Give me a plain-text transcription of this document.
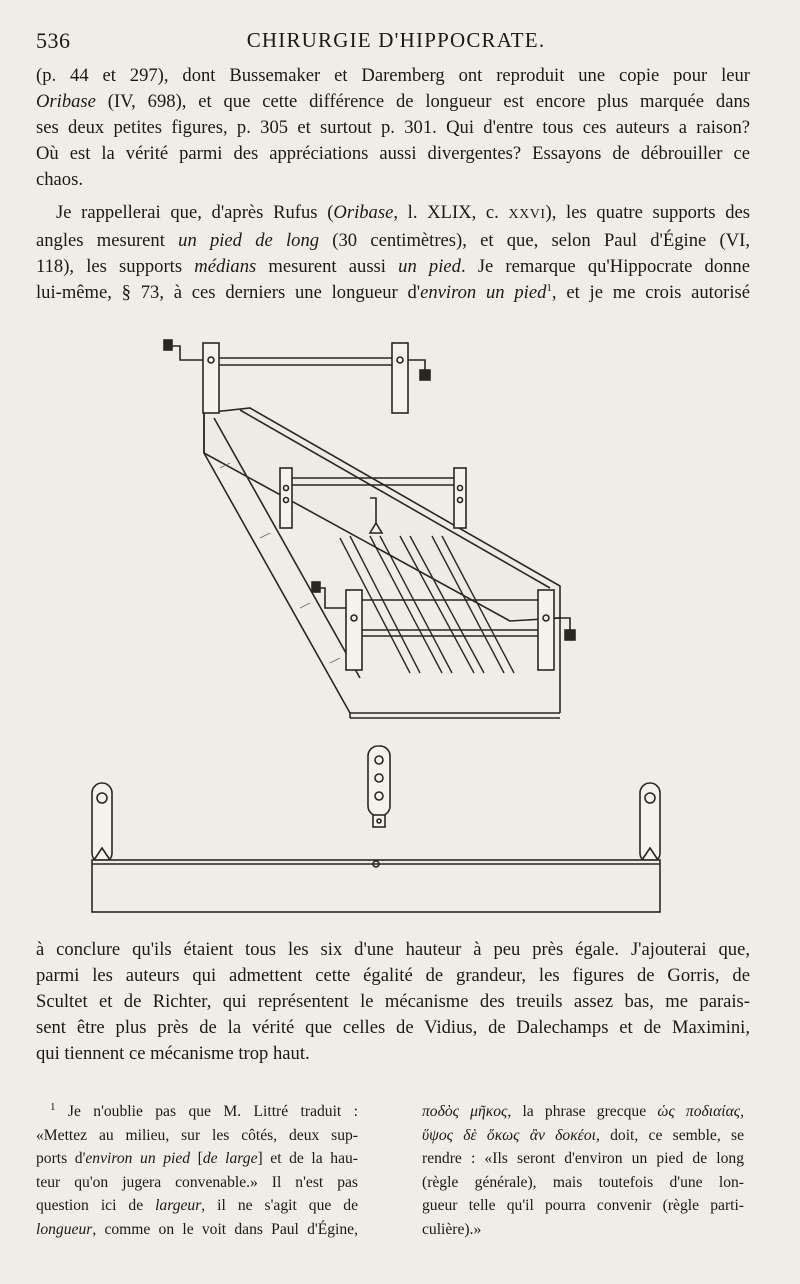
536	CHIRURGIE D'HIPPOCRATE.

(p. 44 et 297), dont Bussemaker et Daremberg ont reproduit une copie pour leur
Oribase (IV, 698), et que cette différence de longueur est encore plus marquée dans
ses deux petites figures, p. 305 et surtout p. 301. Qui d'entre tous ces auteurs a raison?
Où est la vérité parmi des appréciations aussi divergentes? Essayons de débrouiller ce
chaos.

Je rappellerai que, d'après Rufus (Oribase, l. XLIX, c. XXVI), les quatre supports des
angles mesurent un pied de long (30 centimètres), et que, selon Paul d'Égine (VI,
118), les supports médians mesurent aussi un pied. Je remarque qu'Hippocrate donne
lui-même, § 73, à ces derniers une longueur d'environ un pied$^1$, et je me crois autorisé

à conclure qu'ils étaient tous les six d'une hauteur à peu près égale. J'ajouterai que,
parmi les auteurs qui admettent cette égalité de grandeur, les figures de Gorris, de
Scultet et de Richter, qui représentent le mécanisme des treuils assez bas, me parais-
sent être plus près de la vérité que celles de Vidius, de Dalechamps et de Maximini,
qui tiennent ce mécanisme trop haut.

$^1$ Je n'oublie pas que M. Littré traduit :
«Mettez au milieu, sur les côtés, deux sup-
ports d'environ un pied [de large] et de la hau-
teur qu'on jugera convenable.» Il n'est pas
question ici de largeur, il ne s'agit que de
longueur, comme on le voit dans Paul d'Égine,

ποδὸς μῆκος, la phrase grecque ὡς ποδιαίας,
ὕψος δὲ ὅκως ἂν δοκέοι, doit, ce semble, se
rendre : «Ils seront d'environ un pied de long
(règle générale), mais toutefois d'une lon-
gueur telle qu'il pourra convenir (règle parti-
culière).»
